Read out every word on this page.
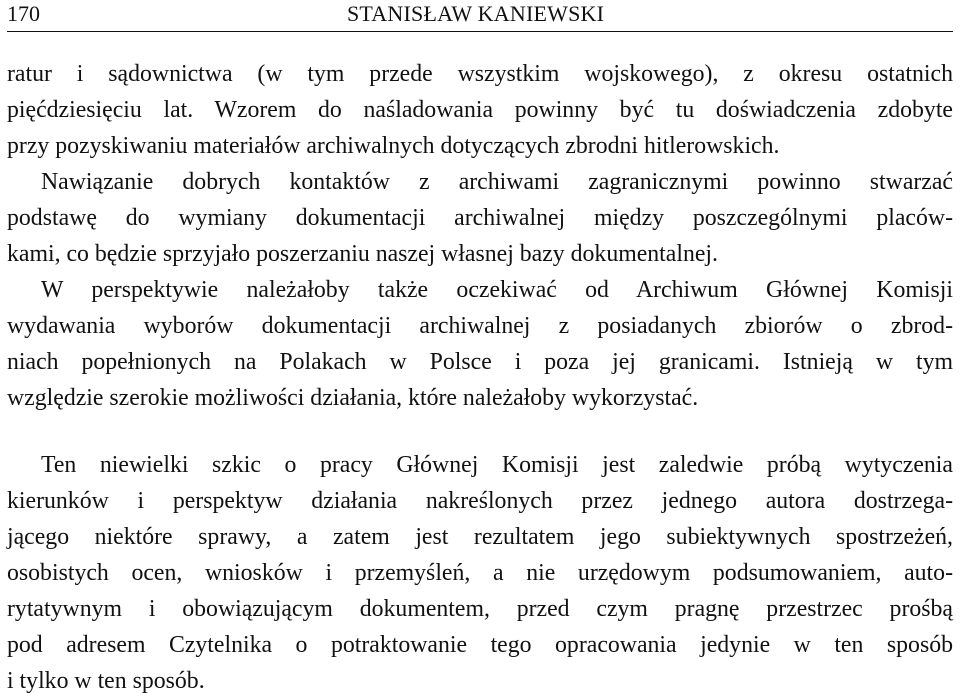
170	STANISŁAW KANIEWSKI
ratur i sądownictwa (w tym przede wszystkim wojskowego), z okresu ostatnich
pięćdziesięciu lat. Wzorem do naśladowania powinny być tu doświadczenia zdobyte
przy pozyskiwaniu materiałów archiwalnych dotyczących zbrodni hitlerowskich.
Nawiązanie dobrych kontaktów z archiwami zagranicznymi powinno stwarzać
podstawę do wymiany dokumentacji archiwalnej między poszczególnymi placów-
kami, co będzie sprzyjało poszerzaniu naszej własnej bazy dokumentalnej.
W perspektywie należałoby także oczekiwać od Archiwum Głównej Komisji
wydawania wyborów dokumentacji archiwalnej z posiadanych zbiorów o zbrod-
niach popełnionych na Polakach w Polsce i poza jej granicami. Istnieją w tym
względzie szerokie możliwości działania, które należałoby wykorzystać.
Ten niewielki szkic o pracy Głównej Komisji jest zaledwie próbą wytyczenia
kierunków i perspektyw działania nakreślonych przez jednego autora dostrzega-
jącego niektóre sprawy, a zatem jest rezultatem jego subiektywnych spostrzeżeń,
osobistych ocen, wniosków i przemyśleń, a nie urzędowym podsumowaniem, auto-
rytatywnym i obowiązującym dokumentem, przed czym pragnę przestrzec prośbą
pod adresem Czytelnika o potraktowanie tego opracowania jedynie w ten sposób
i tylko w ten sposób.
